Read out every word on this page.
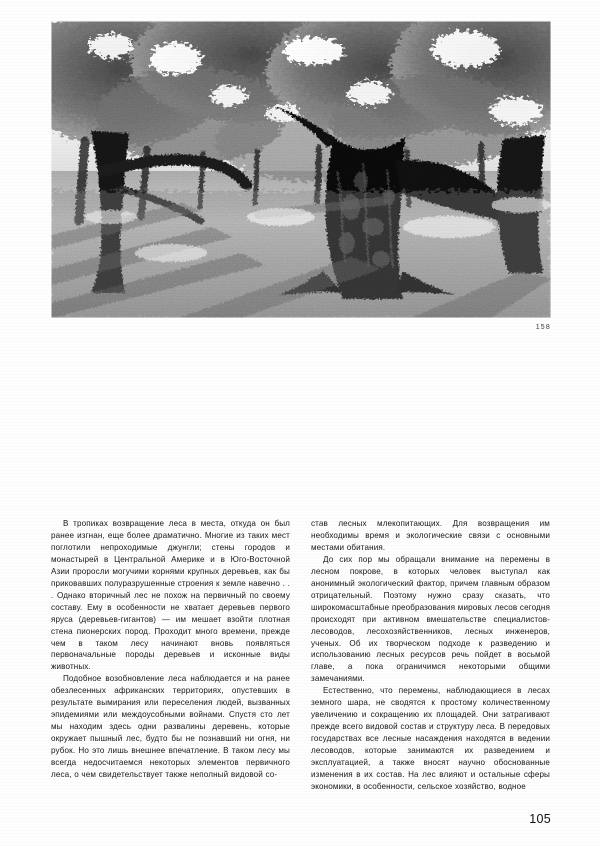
158

В тропиках возвращение леса в места, откуда он был ранее изгнан, еще более драматично. Многие из таких мест поглотили непроходимые джунгли; стены городов и монастырей в Центральной Америке и в Юго-Восточной Азии проросли могучими корнями крупных деревьев, как бы приковавших полуразрушенные строения к земле навечно . . . Однако вторичный лес не похож на первичный по своему составу. Ему в особенности не хватает деревьев первого яруса (деревьев-гигантов) — им мешает взойти плотная стена пионерских пород. Проходит много времени, прежде чем в таком лесу начинают вновь появляться первоначальные породы деревьев и исконные виды животных.

Подобное возобновление леса наблюдается и на ранее обезлесенных африканских территориях, опустевших в результате вымирания или переселения людей, вызванных эпидемиями или междоусобными войнами. Спустя сто лет мы находим здесь одни развалины деревень, которые окружает пышный лес, будто бы не познавший ни огня, ни рубок. Но это лишь внешнее впечатление. В таком лесу мы всегда недосчитаемся некоторых элементов первичного леса, о чем свидетельствует также неполный видовой со-

став лесных млекопитающих. Для возвращения им необходимы время и экологические связи с основными местами обитания.

До сих пор мы обращали внимание на перемены в лесном покрове, в которых человек выступал как анонимный экологический фактор, причем главным образом отрицательный. Поэтому нужно сразу сказать, что широкомасштабные преобразования мировых лесов сегодня происходят при активном вмешательстве специалистов-лесоводов, лесохозяйственников, лесных инженеров, ученых. Об их творческом подходе к разведению и использованию лесных ресурсов речь пойдет в восьмой главе, а пока ограничимся некоторыми общими замечаниями.

Естественно, что перемены, наблюдающиеся в лесах земного шара, не сводятся к простому количественному увеличению и сокращению их площадей. Они затрагивают прежде всего видовой состав и структуру леса. В передовых государствах все лесные насаждения находятся в ведении лесоводов, которые занимаются их разведением и эксплуатацией, а также вносят научно обоснованные изменения в их состав. На лес влияют и остальные сферы экономики, в особенности, сельское хозяйство, водное

105
